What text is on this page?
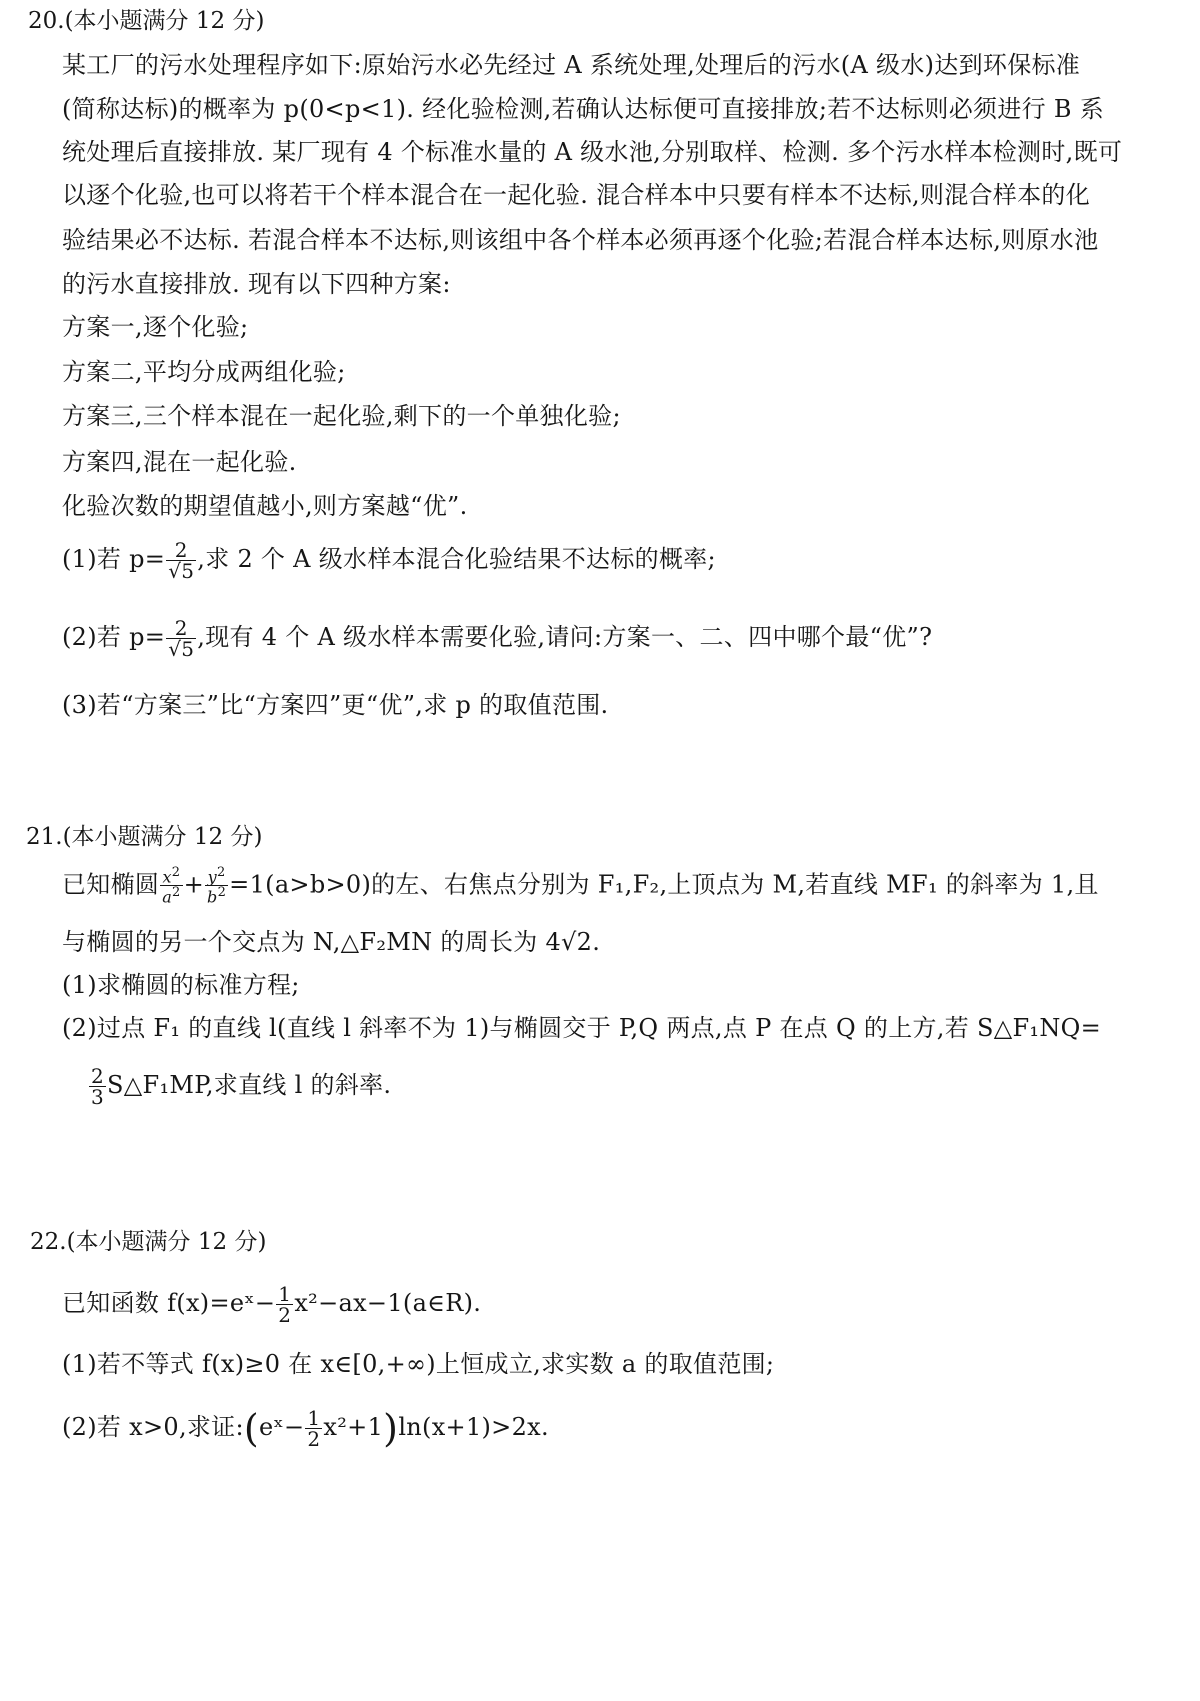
20.(本小题满分 12 分)
某工厂的污水处理程序如下:原始污水必先经过 A 系统处理,处理后的污水(A 级水)达到环保标准
(简称达标)的概率为 p(0<p<1). 经化验检测,若确认达标便可直接排放;若不达标则必须进行 B 系
统处理后直接排放. 某厂现有 4 个标准水量的 A 级水池,分别取样、检测. 多个污水样本检测时,既可
以逐个化验,也可以将若干个样本混合在一起化验. 混合样本中只要有样本不达标,则混合样本的化
验结果必不达标. 若混合样本不达标,则该组中各个样本必须再逐个化验;若混合样本达标,则原水池
的污水直接排放. 现有以下四种方案:
方案一,逐个化验;
方案二,平均分成两组化验;
方案三,三个样本混在一起化验,剩下的一个单独化验;
方案四,混在一起化验.
化验次数的期望值越小,则方案越“优”.
(1)若 $p= \frac{2}{√5}$ ,求 2 个 A 级水样本混合化验结果不达标的概率;
(2)若 $p= \frac{2}{√5}$ ,现有 4 个 A 级水样本需要化验,请问:方案一、二、四中哪个最“优”?
(3)若“方案三”比“方案四”更“优”,求 p 的取值范围.
21.(本小题满分 12 分)
已知椭圆 $\frac{x^2}{a^2} + \frac{y^2}{b^2} =1(a>b>0)$的左、右焦点分别为 F₁,F₂,上顶点为 M,若直线 MF₁ 的斜率为 1,且
与椭圆的另一个交点为 N,△F₂MN 的周长为 4√2.
(1)求椭圆的标准方程;
(2)过点 F₁ 的直线 l(直线 l 斜率不为 1)与椭圆交于 P,Q 两点,点 P 在点 Q 的上方,若 S△F₁NQ=
$\frac{2}{3}$ S△F₁MP,求直线 l 的斜率.
22.(本小题满分 12 分)
已知函数 f(x)=eˣ− $\frac{1}{2}$ x²−ax−1(a∈R).
(1)若不等式 f(x)≥0 在 x∈[0,+∞)上恒成立,求实数 a 的取值范围;
(2)若 x>0,求证:(eˣ− $\frac{1}{2} x^2+1)\ln(x+1)>2x$.
